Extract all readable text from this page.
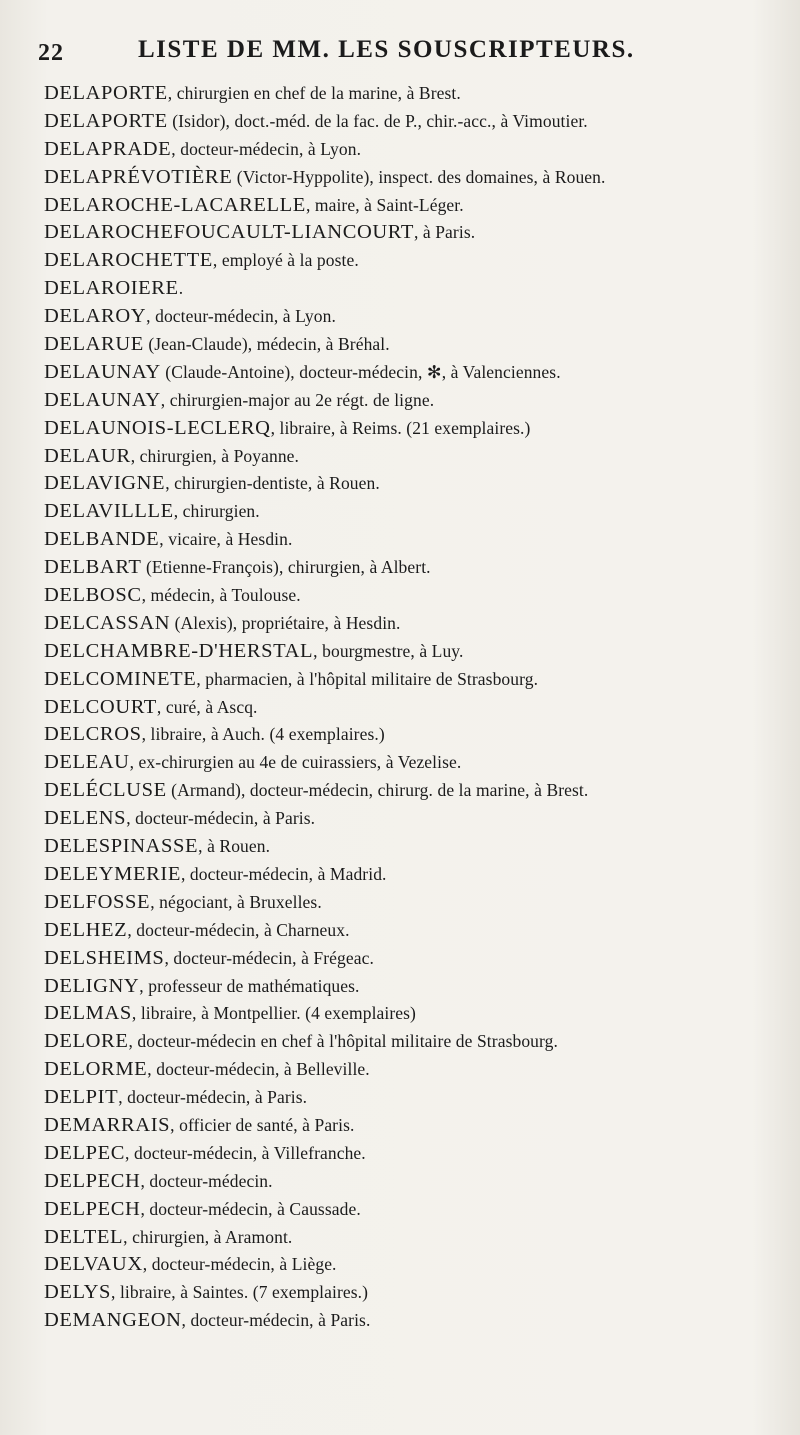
22	LISTE DE MM. LES SOUSCRIPTEURS.
DELAPORTE, chirurgien en chef de la marine, à Brest.
DELAPORTE (Isidor), doct.-méd. de la fac. de P., chir.-acc., à Vimoutier.
DELAPRADE, docteur-médecin, à Lyon.
DELAPRÉVOTIÈRE (Victor-Hyppolite), inspect. des domaines, à Rouen.
DELAROCHE-LACARELLE, maire, à Saint-Léger.
DELAROCHEFOUCAULT-LIANCOURT, à Paris.
DELAROCHETTE, employé à la poste.
DELAROIERE.
DELAROY, docteur-médecin, à Lyon.
DELARUE (Jean-Claude), médecin, à Bréhal.
DELAUNAY (Claude-Antoine), docteur-médecin, ✻, à Valenciennes.
DELAUNAY, chirurgien-major au 2e régt. de ligne.
DELAUNOIS-LECLERQ, libraire, à Reims. (21 exemplaires.)
DELAUR, chirurgien, à Poyanne.
DELAVIGNE, chirurgien-dentiste, à Rouen.
DELAVILLLE, chirurgien.
DELBANDE, vicaire, à Hesdin.
DELBART (Etienne-François), chirurgien, à Albert.
DELBOSC, médecin, à Toulouse.
DELCASSAN (Alexis), propriétaire, à Hesdin.
DELCHAMBRE-D'HERSTAL, bourgmestre, à Luy.
DELCOMINETE, pharmacien, à l'hôpital militaire de Strasbourg.
DELCOURT, curé, à Ascq.
DELCROS, libraire, à Auch. (4 exemplaires.)
DELEAU, ex-chirurgien au 4e de cuirassiers, à Vezelise.
DELÉCLUSE (Armand), docteur-médecin, chirurg. de la marine, à Brest.
DELENS, docteur-médecin, à Paris.
DELESPINASSE, à Rouen.
DELEYMERIE, docteur-médecin, à Madrid.
DELFOSSE, négociant, à Bruxelles.
DELHEZ, docteur-médecin, à Charneux.
DELSHEIMS, docteur-médecin, à Frégeac.
DELIGNY, professeur de mathématiques.
DELMAS, libraire, à Montpellier. (4 exemplaires)
DELORE, docteur-médecin en chef à l'hôpital militaire de Strasbourg.
DELORME, docteur-médecin, à Belleville.
DELPIT, docteur-médecin, à Paris.
DEMARRAIS, officier de santé, à Paris.
DELPEC, docteur-médecin, à Villefranche.
DELPECH, docteur-médecin.
DELPECH, docteur-médecin, à Caussade.
DELTEL, chirurgien, à Aramont.
DELVAUX, docteur-médecin, à Liège.
DELYS, libraire, à Saintes. (7 exemplaires.)
DEMANGEON, docteur-médecin, à Paris.
